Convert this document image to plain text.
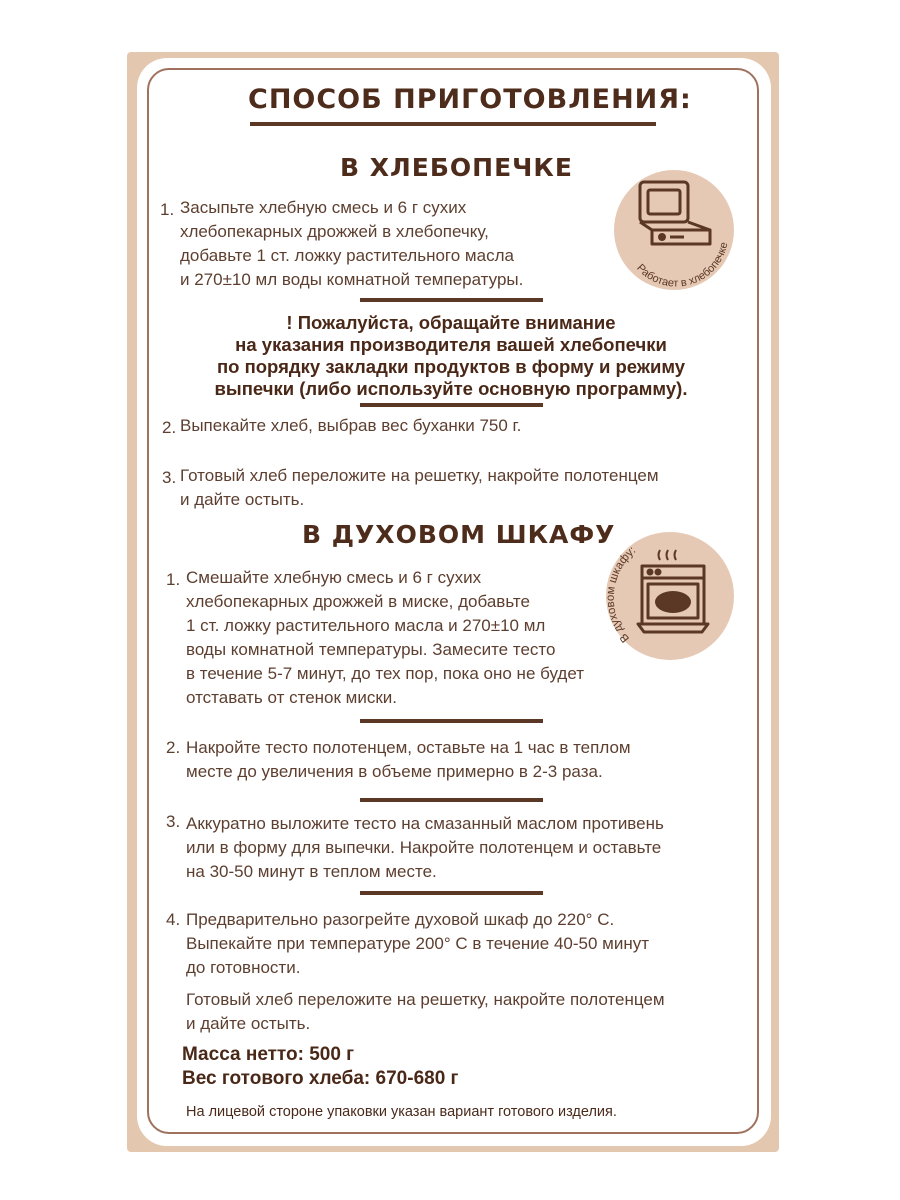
СПОСОБ ПРИГОТОВЛЕНИЯ:
В ХЛЕБОПЕЧКЕ
Работает в хлебопечке
1. Засыпьте хлебную смесь и 6 г сухих
хлебопекарных дрожжей в хлебопечку,
добавьте 1 ст. ложку растительного масла
и 270±10 мл воды комнатной температуры.
! Пожалуйста, обращайте внимание
на указания производителя вашей хлебопечки
по порядку закладки продуктов в форму и режиму
выпечки (либо используйте основную программу).
2. Выпекайте хлеб, выбрав вес буханки 750 г.
3. Готовый хлеб переложите на решетку, накройте полотенцем
и дайте остыть.
В ДУХОВОМ ШКАФУ
В духовом шкафу:
1. Смешайте хлебную смесь и 6 г сухих
хлебопекарных дрожжей в миске, добавьте
1 ст. ложку растительного масла и 270±10 мл
воды комнатной температуры. Замесите тесто
в течение 5-7 минут, до тех пор, пока оно не будет
отставать от стенок миски.
2. Накройте тесто полотенцем, оставьте на 1 час в теплом
месте до увеличения в объеме примерно в 2-3 раза.
3. Аккуратно выложите тесто на смазанный маслом противень
или в форму для выпечки. Накройте полотенцем и оставьте
на 30-50 минут в теплом месте.
4. Предварительно разогрейте духовой шкаф до 220° С.
Выпекайте при температуре 200° С в течение 40-50 минут
до готовности.
Готовый хлеб переложите на решетку, накройте полотенцем
и дайте остыть.
Масса нетто: 500 г
Вес готового хлеба: 670-680 г
На лицевой стороне упаковки указан вариант готового изделия.
